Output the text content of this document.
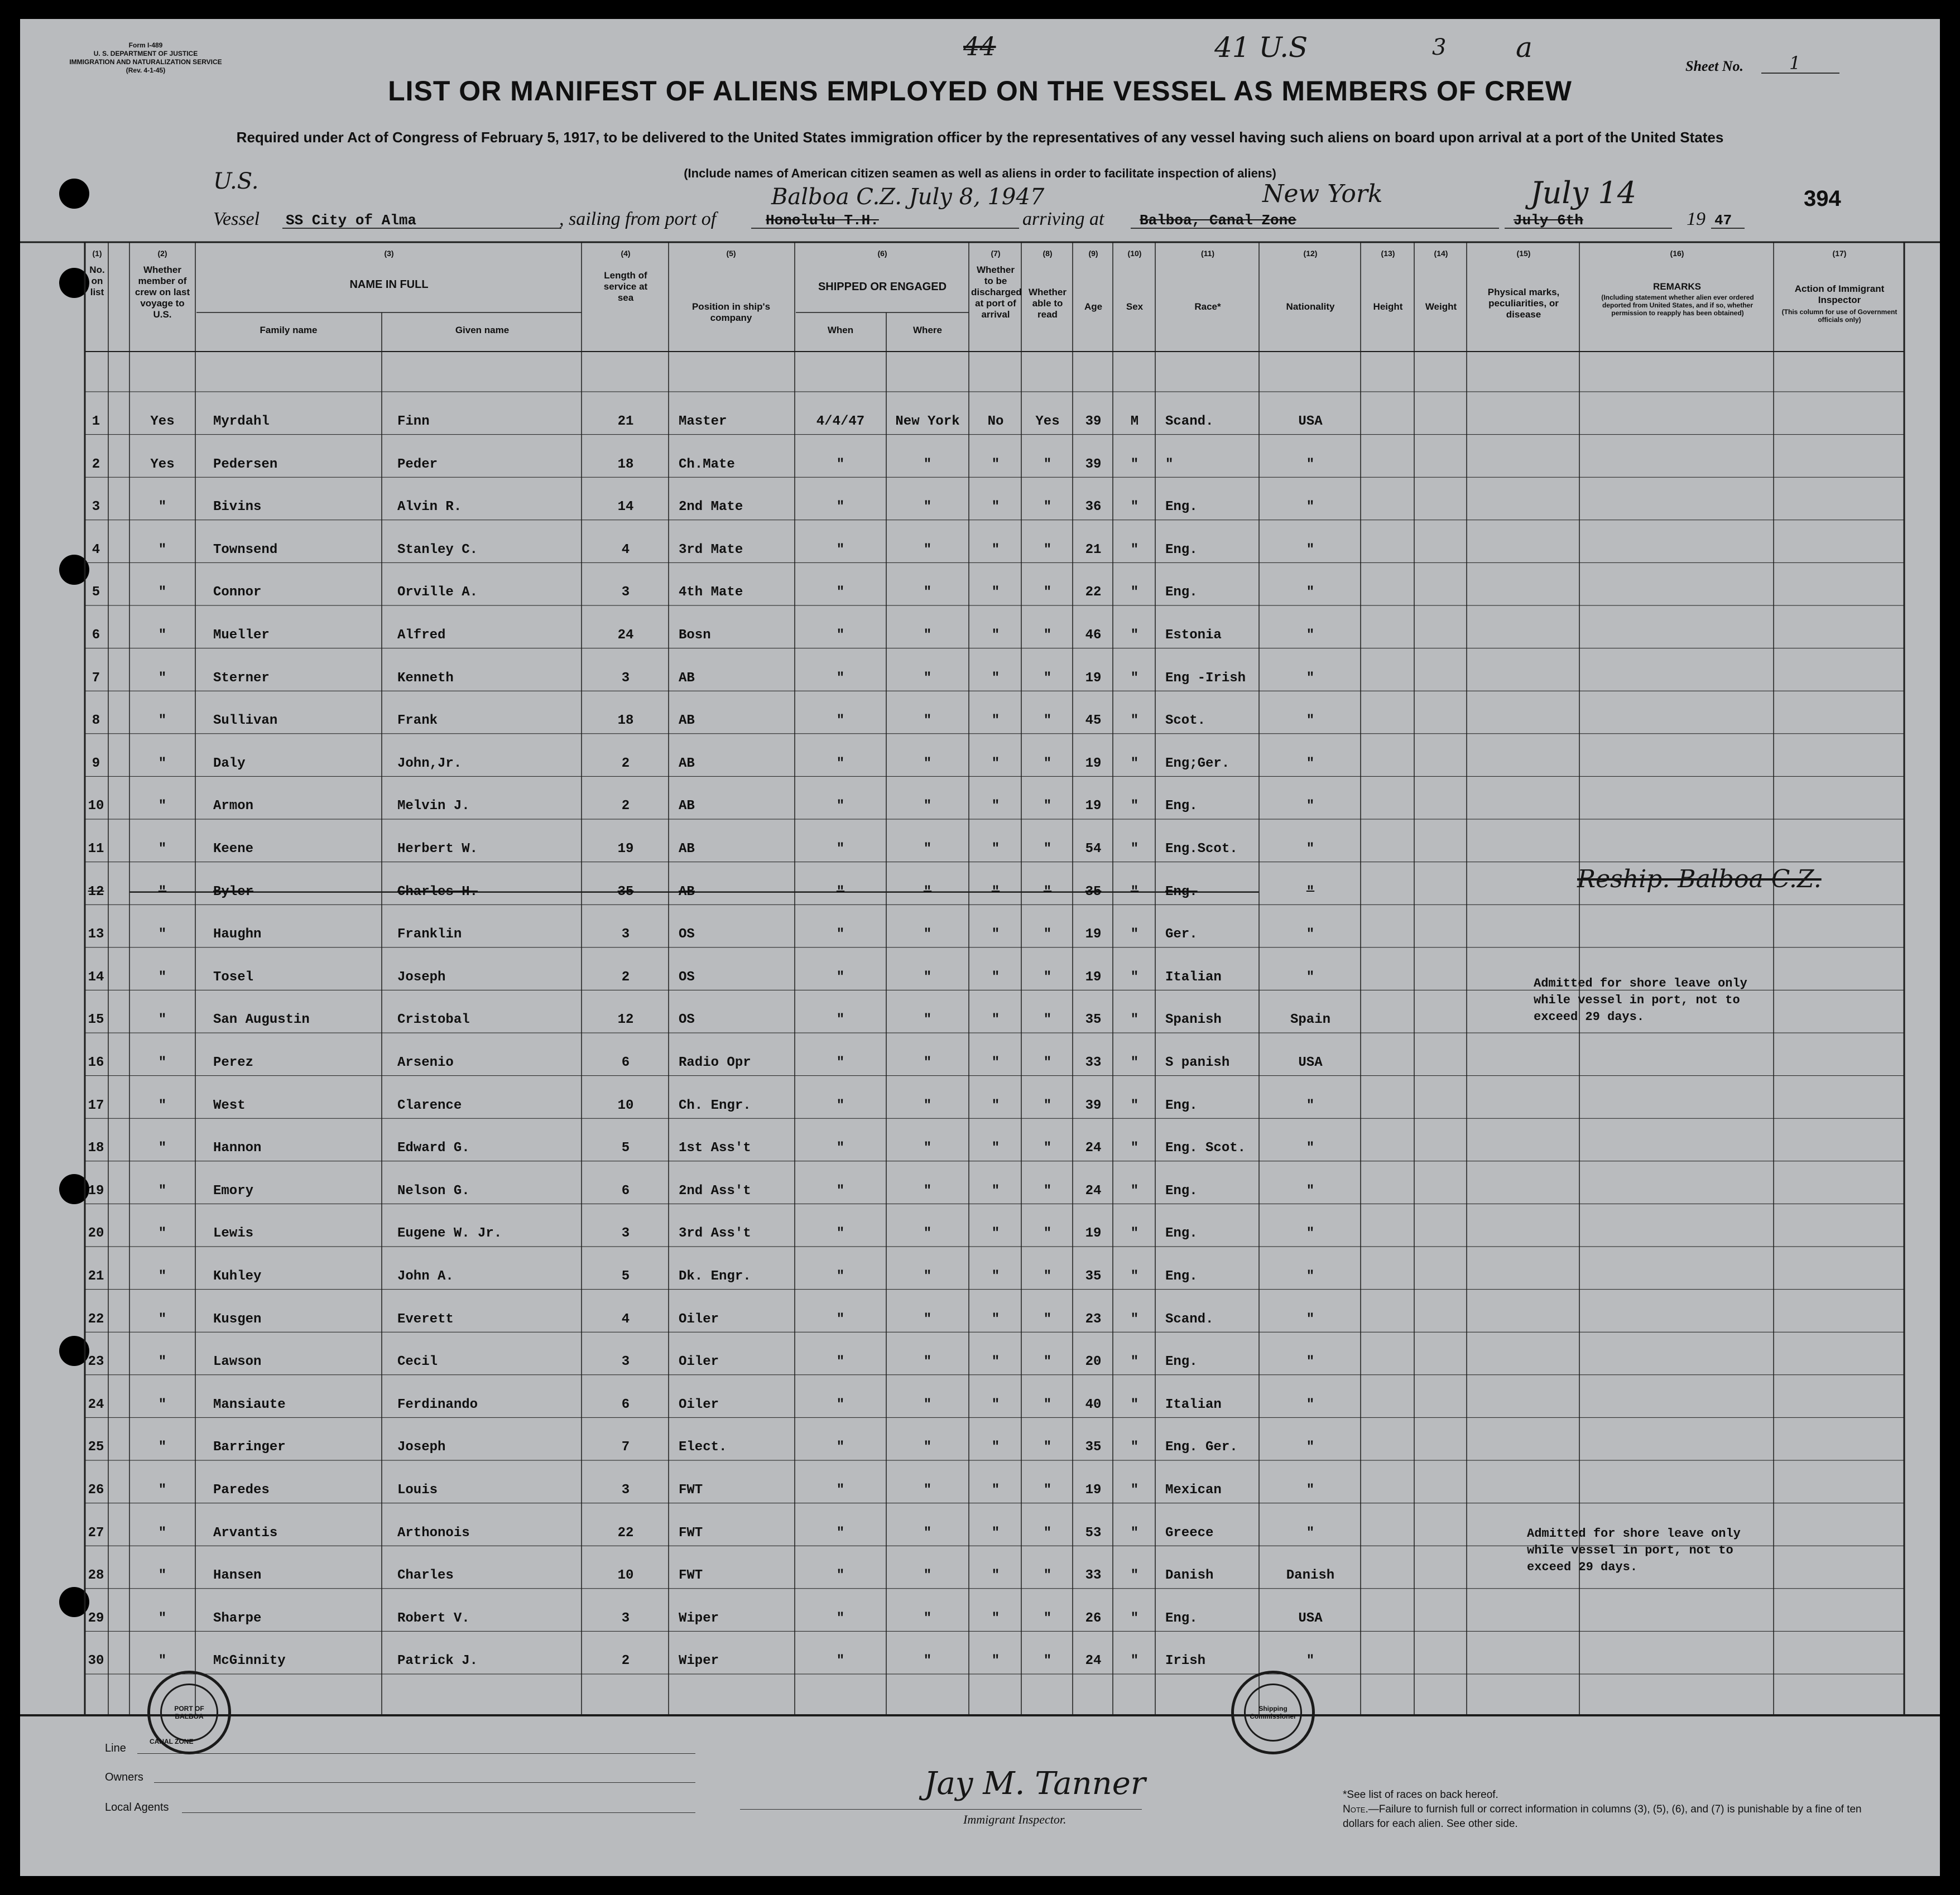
Form I-489
U. S. DEPARTMENT OF JUSTICE
IMMIGRATION AND NATURALIZATION SERVICE
(Rev. 4-1-45)
44	41 U.S	3 a
U.S.
Sheet No.	1
394
LIST OR MANIFEST OF ALIENS EMPLOYED ON THE VESSEL AS MEMBERS OF CREW
Required under Act of Congress of February 5, 1917, to be delivered to the United States immigration officer by the representatives of any vessel having such aliens on board upon arrival at a port of the United States
(Include names of American citizen seamen as well as aliens in order to facilitate inspection of aliens)
Vessel SS City of Alma	, sailing from port of	Honolulu T.H.
Balboa C.Z. July 8, 1947
arriving at Balboa, Canal Zone
New York
July 6th
July 14
19 47
(1)
No. on list
(2)
Whether member of crew on last voyage to U.S.
(3)
NAME IN FULL
Family name	Given name
(4)
Length of service at sea
(5)
Position in ship's company
(6)
SHIPPED OR ENGAGED
When	Where
(7)
Whether to be discharged at port of arrival
(8)
Whether able to read
(9)
Age
(10)
Sex
(11)
Race*
(12)
Nationality
(13)
Height
(14)
Weight
(15)
Physical marks, peculiarities, or disease
(16)
REMARKS
(Including statement whether alien ever ordered deported from United States, and if so, whether permission to reapply has been obtained)
(17)
Action of Immigrant Inspector
(This column for use of Government officials only)
1	Yes	Myrdahl	Finn	21	Master	4/4/47	New York	No	Yes	39	M	Scand.	USA
2	Yes	Pedersen	Peder	18	Ch.Mate	"	"	"	"	39	"	"	"
3	"	Bivins	Alvin R.	14	2nd Mate	"	"	"	"	36	"	Eng.	"
4	"	Townsend	Stanley C.	4	3rd Mate	"	"	"	"	21	"	Eng.	"
5	"	Connor	Orville A.	3	4th Mate	"	"	"	"	22	"	Eng.	"
6	"	Mueller	Alfred	24	Bosn	"	"	"	"	46	"	Estonia	"
7	"	Sterner	Kenneth	3	AB	"	"	"	"	19	"	Eng -Irish	"
8	"	Sullivan	Frank	18	AB	"	"	"	"	45	"	Scot.	"
9	"	Daly	John,Jr.	2	AB	"	"	"	"	19	"	Eng;Ger.	"
10	"	Armon	Melvin J.	2	AB	"	"	"	"	19	"	Eng.	"
11	"	Keene	Herbert W.	19	AB	"	"	"	"	54	"	Eng.Scot.	"
12	"	Byler	Charles H.	35	AB	"	"	"	"	35	"	Eng.	"
13	"	Haughn	Franklin	3	OS	"	"	"	"	19	"	Ger.	"
14	"	Tosel	Joseph	2	OS	"	"	"	"	19	"	Italian	"
15	"	San Augustin	Cristobal	12	OS	"	"	"	"	35	"	Spanish	Spain
16	"	Perez	Arsenio	6	Radio Opr	"	"	"	"	33	"	S panish	USA
17	"	West	Clarence	10	Ch. Engr.	"	"	"	"	39	"	Eng.	"
18	"	Hannon	Edward G.	5	1st Ass't	"	"	"	"	24	"	Eng. Scot.	"
19	"	Emory	Nelson G.	6	2nd Ass't	"	"	"	"	24	"	Eng.	"
20	"	Lewis	Eugene W. Jr.	3	3rd Ass't	"	"	"	"	19	"	Eng.	"
21	"	Kuhley	John A.	5	Dk. Engr.	"	"	"	"	35	"	Eng.	"
22	"	Kusgen	Everett	4	Oiler	"	"	"	"	23	"	Scand.	"
23	"	Lawson	Cecil	3	Oiler	"	"	"	"	20	"	Eng.	"
24	"	Mansiaute	Ferdinando	6	Oiler	"	"	"	"	40	"	Italian	"
25	"	Barringer	Joseph	7	Elect.	"	"	"	"	35	"	Eng. Ger.	"
26	"	Paredes	Louis	3	FWT	"	"	"	"	19	"	Mexican	"
27	"	Arvantis	Arthonois	22	FWT	"	"	"	"	53	"	Greece	"
28	"	Hansen	Charles	10	FWT	"	"	"	"	33	"	Danish	Danish
29	"	Sharpe	Robert V.	3	Wiper	"	"	"	"	26	"	Eng.	USA
30	"	McGinnity	Patrick J.	2	Wiper	"	"	"	"	24	"	Irish	"
Reship. Balboa C.Z.
Admitted for shore leave only
while vessel in port, not to
exceed 29 days.
Admitted for shore leave only
while vessel in port, not to
exceed 29 days.
Line
Owners
Local Agents
PORT OF BALBOA
Shipping Commissioner
CANAL ZONE
Jay M. Tanner
Immigrant Inspector.
*See list of races on back hereof.
Note.—Failure to furnish full or correct information in columns (3), (5), (6), and (7) is punishable by a fine of ten dollars for each alien. See other side.
